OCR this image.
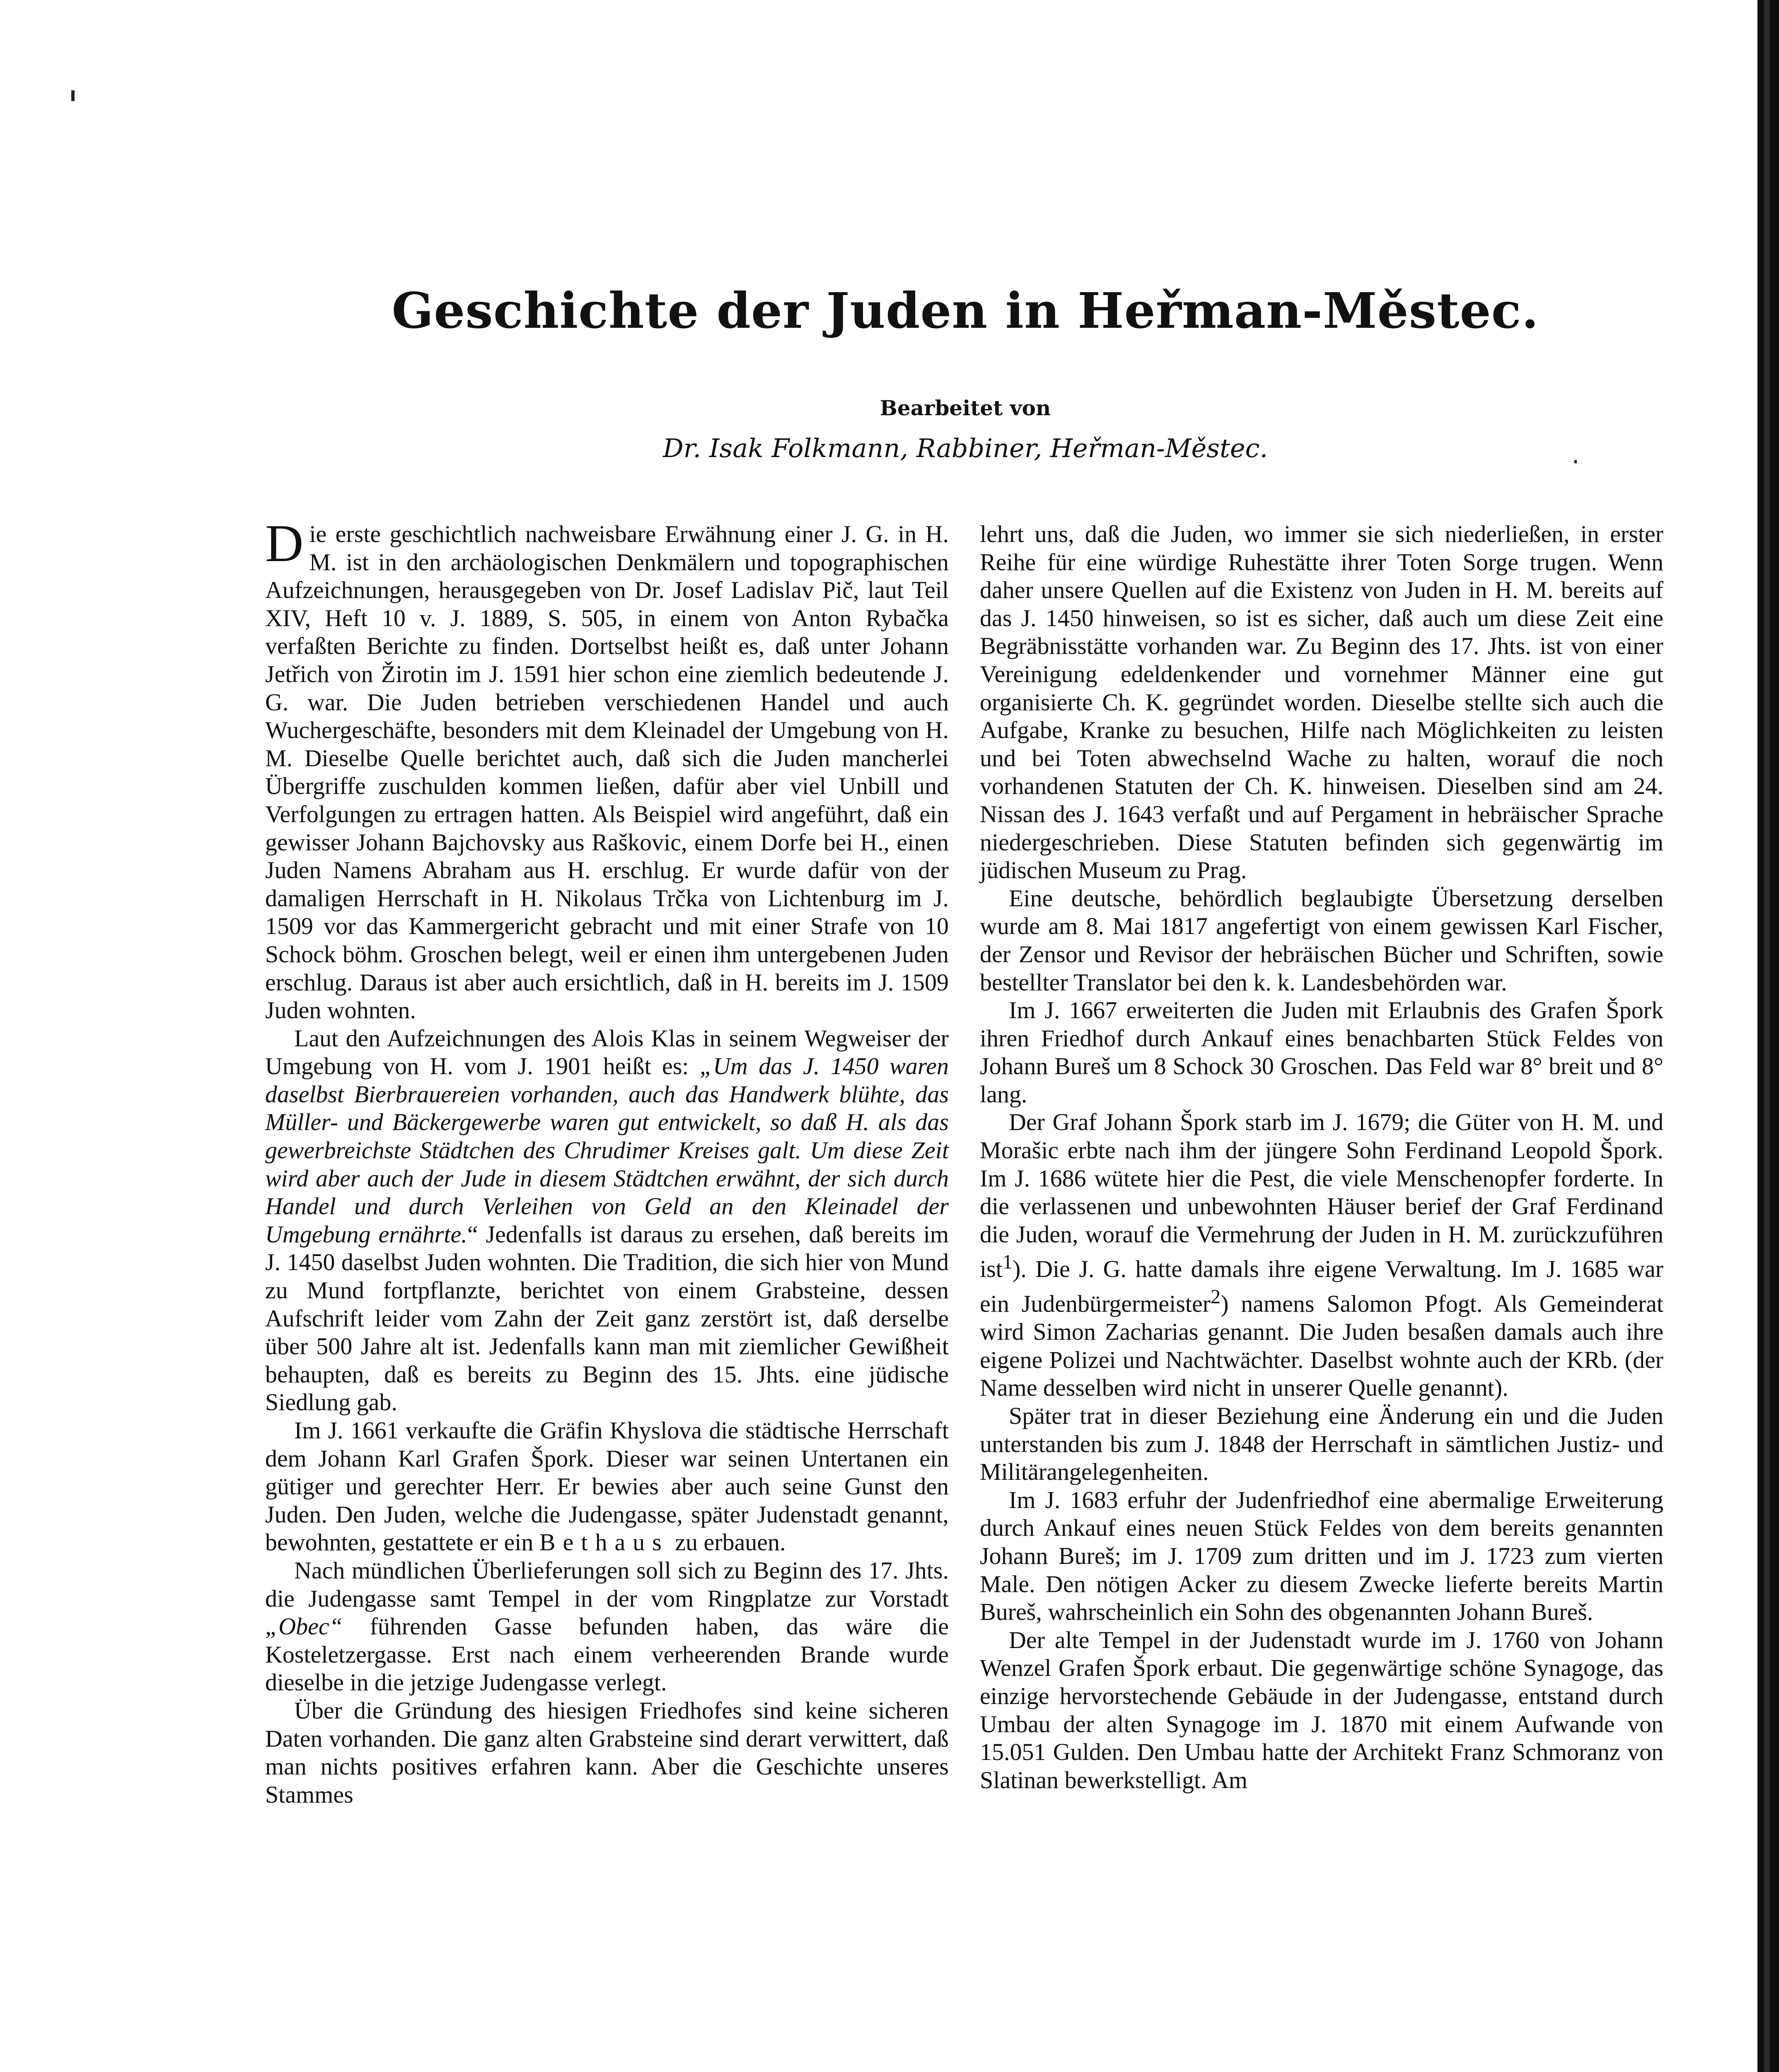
Geschichte der Juden in Heřman-Městec.
Bearbeitet von
Dr. Isak Folkmann, Rabbiner, Heřman-Městec.

Die erste geschichtlich nachweisbare Erwähnung einer J. G. in H. M. ist in den archäologischen Denkmälern und topographischen Aufzeichnungen, herausgegeben von Dr. Josef Ladislav Pič, laut Teil XIV, Heft 10 v. J. 1889, S. 505, in einem von Anton Rybačka verfaßten Berichte zu finden. Dortselbst heißt es, daß unter Johann Jetřich von Žirotin im J. 1591 hier schon eine ziemlich bedeutende J. G. war. Die Juden betrieben verschiedenen Handel und auch Wuchergeschäfte, besonders mit dem Kleinadel der Umgebung von H. M. Dieselbe Quelle berichtet auch, daß sich die Juden mancherlei Übergriffe zuschulden kommen ließen, dafür aber viel Unbill und Verfolgungen zu ertragen hatten. Als Beispiel wird angeführt, daß ein gewisser Johann Bajchovsky aus Raškovic, einem Dorfe bei H., einen Juden Namens Abraham aus H. erschlug. Er wurde dafür von der damaligen Herrschaft in H. Nikolaus Trčka von Lichtenburg im J. 1509 vor das Kammergericht gebracht und mit einer Strafe von 10 Schock böhm. Groschen belegt, weil er einen ihm untergebenen Juden erschlug. Daraus ist aber auch ersichtlich, daß in H. bereits im J. 1509 Juden wohnten.

Laut den Aufzeichnungen des Alois Klas in seinem Wegweiser der Umgebung von H. vom J. 1901 heißt es: „Um das J. 1450 waren daselbst Bierbrauereien vorhanden, auch das Handwerk blühte, das Müller- und Bäckergewerbe waren gut entwickelt, so daß H. als das gewerbreichste Städtchen des Chrudimer Kreises galt. Um diese Zeit wird aber auch der Jude in diesem Städtchen erwähnt, der sich durch Handel und durch Verleihen von Geld an den Kleinadel der Umgebung ernährte.“ Jedenfalls ist daraus zu ersehen, daß bereits im J. 1450 daselbst Juden wohnten. Die Tradition, die sich hier von Mund zu Mund fortpflanzte, berichtet von einem Grabsteine, dessen Aufschrift leider vom Zahn der Zeit ganz zerstört ist, daß derselbe über 500 Jahre alt ist. Jedenfalls kann man mit ziemlicher Gewißheit behaupten, daß es bereits zu Beginn des 15. Jhts. eine jüdische Siedlung gab.

Im J. 1661 verkaufte die Gräfin Khyslova die städtische Herrschaft dem Johann Karl Grafen Špork. Dieser war seinen Untertanen ein gütiger und gerechter Herr. Er bewies aber auch seine Gunst den Juden. Den Juden, welche die Judengasse, später Judenstadt genannt, bewohnten, gestattete er ein Bethaus zu erbauen.

Nach mündlichen Überlieferungen soll sich zu Beginn des 17. Jhts. die Judengasse samt Tempel in der vom Ringplatze zur Vorstadt „Obec“ führenden Gasse befunden haben, das wäre die Kosteletzergasse. Erst nach einem verheerenden Brande wurde dieselbe in die jetzige Judengasse verlegt.

Über die Gründung des hiesigen Friedhofes sind keine sicheren Daten vorhanden. Die ganz alten Grabsteine sind derart verwittert, daß man nichts positives erfahren kann. Aber die Geschichte unseres Stammes

lehrt uns, daß die Juden, wo immer sie sich niederließen, in erster Reihe für eine würdige Ruhestätte ihrer Toten Sorge trugen. Wenn daher unsere Quellen auf die Existenz von Juden in H. M. bereits auf das J. 1450 hinweisen, so ist es sicher, daß auch um diese Zeit eine Begräbnisstätte vorhanden war. Zu Beginn des 17. Jhts. ist von einer Vereinigung edeldenkender und vornehmer Männer eine gut organisierte Ch. K. gegründet worden. Dieselbe stellte sich auch die Aufgabe, Kranke zu besuchen, Hilfe nach Möglichkeiten zu leisten und bei Toten abwechselnd Wache zu halten, worauf die noch vorhandenen Statuten der Ch. K. hinweisen. Dieselben sind am 24. Nissan des J. 1643 verfaßt und auf Pergament in hebräischer Sprache niedergeschrieben. Diese Statuten befinden sich gegenwärtig im jüdischen Museum zu Prag.

Eine deutsche, behördlich beglaubigte Übersetzung derselben wurde am 8. Mai 1817 angefertigt von einem gewissen Karl Fischer, der Zensor und Revisor der hebräischen Bücher und Schriften, sowie bestellter Translator bei den k. k. Landesbehörden war.

Im J. 1667 erweiterten die Juden mit Erlaubnis des Grafen Špork ihren Friedhof durch Ankauf eines benachbarten Stück Feldes von Johann Bureš um 8 Schock 30 Groschen. Das Feld war 8° breit und 8° lang.

Der Graf Johann Špork starb im J. 1679; die Güter von H. M. und Morašic erbte nach ihm der jüngere Sohn Ferdinand Leopold Špork. Im J. 1686 wütete hier die Pest, die viele Menschenopfer forderte. In die verlassenen und unbewohnten Häuser berief der Graf Ferdinand die Juden, worauf die Vermehrung der Juden in H. M. zurückzuführen ist$^1$). Die J. G. hatte damals ihre eigene Verwaltung. Im J. 1685 war ein Judenbürgermeister$^2$) namens Salomon Pfogt. Als Gemeinderat wird Simon Zacharias genannt. Die Juden besaßen damals auch ihre eigene Polizei und Nachtwächter. Daselbst wohnte auch der KRb. (der Name desselben wird nicht in unserer Quelle genannt).

Später trat in dieser Beziehung eine Änderung ein und die Juden unterstanden bis zum J. 1848 der Herrschaft in sämtlichen Justiz- und Militärangelegenheiten.

Im J. 1683 erfuhr der Judenfriedhof eine abermalige Erweiterung durch Ankauf eines neuen Stück Feldes von dem bereits genannten Johann Bureš; im J. 1709 zum dritten und im J. 1723 zum vierten Male. Den nötigen Acker zu diesem Zwecke lieferte bereits Martin Bureš, wahrscheinlich ein Sohn des obgenannten Johann Bureš.

Der alte Tempel in der Judenstadt wurde im J. 1760 von Johann Wenzel Grafen Špork erbaut. Die gegenwärtige schöne Synagoge, das einzige hervorstechende Gebäude in der Judengasse, entstand durch Umbau der alten Synagoge im J. 1870 mit einem Aufwande von 15.051 Gulden. Den Umbau hatte der Architekt Franz Schmoranz von Slatinan bewerkstelligt. Am
